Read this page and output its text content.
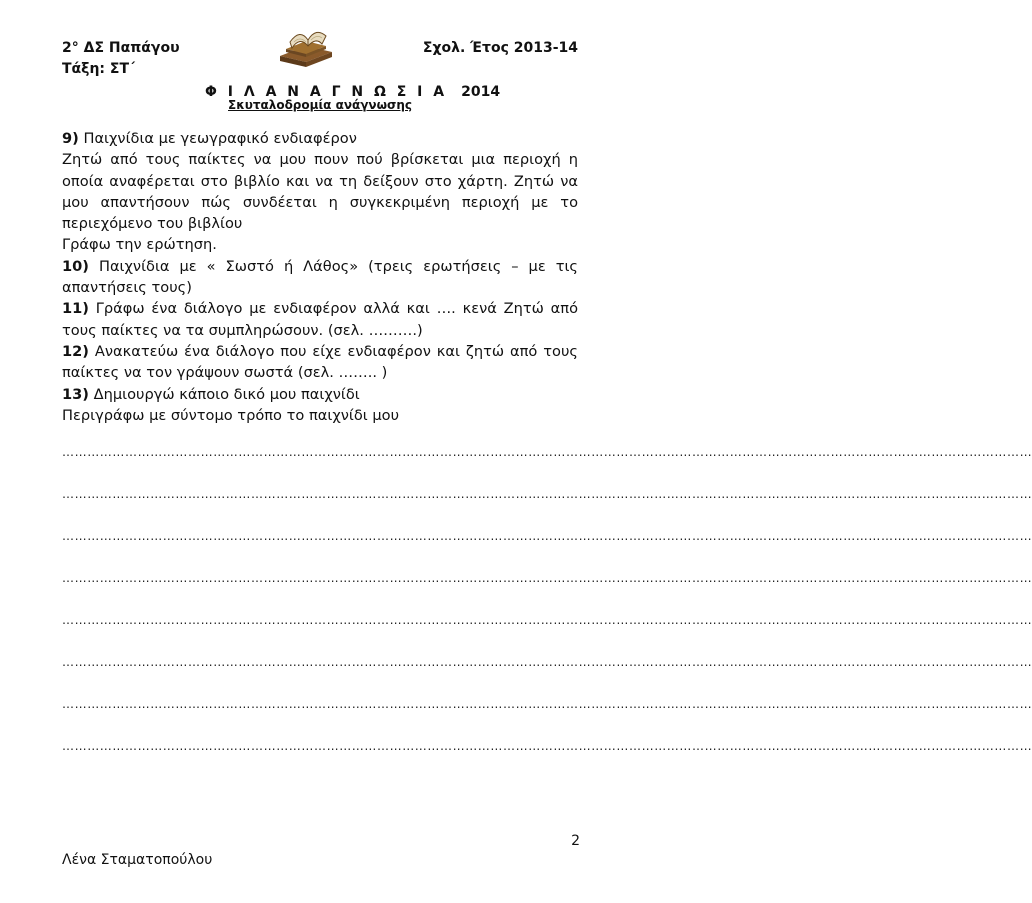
2° ΔΣ Παπάγου
Τάξη: ΣΤ΄
Σχολ. Έτος 2013-14
Φ Ι Λ Α Ν Α Γ Ν Ω Σ Ι Α 2014
Σκυταλοδρομία ανάγνωσης

9) Παιχνίδια με γεωγραφικό ενδιαφέρον

Ζητώ από τους παίκτες να μου πουν πού βρίσκεται μια περιοχή η οποία αναφέρεται στο βιβλίο και να τη δείξουν στο χάρτη. Ζητώ να μου απαντήσουν πώς συνδέεται η συγκεκριμένη περιοχή με το περιεχόμενο του βιβλίου

Γράφω την ερώτηση.

10) Παιχνίδια με « Σωστό ή Λάθος» (τρεις ερωτήσεις – με τις απαντήσεις τους)

11) Γράφω ένα διάλογο με ενδιαφέρον αλλά και …. κενά Ζητώ από τους παίκτες να τα συμπληρώσουν. (σελ. ……….)

12) Ανακατεύω ένα διάλογο που είχε ενδιαφέρον και ζητώ από τους παίκτες να τον γράψουν σωστά (σελ. …….. )

13) Δημιουργώ κάποιο δικό μου παιχνίδι

Περιγράφω με σύντομο τρόπο το παιχνίδι μου

……………………………………………………………………………………………………………………………………………………………………………………………………………
……………………………………………………………………………………………………………………………………………………………………………………………………………
……………………………………………………………………………………………………………………………………………………………………………………………………………
……………………………………………………………………………………………………………………………………………………………………………………………………………
……………………………………………………………………………………………………………………………………………………………………………………………………………
……………………………………………………………………………………………………………………………………………………………………………………………………………
……………………………………………………………………………………………………………………………………………………………………………………………………………
……………………………………………………………………………………………………………………………………………………………………………………………………………
2
Λένα Σταματοπούλου
